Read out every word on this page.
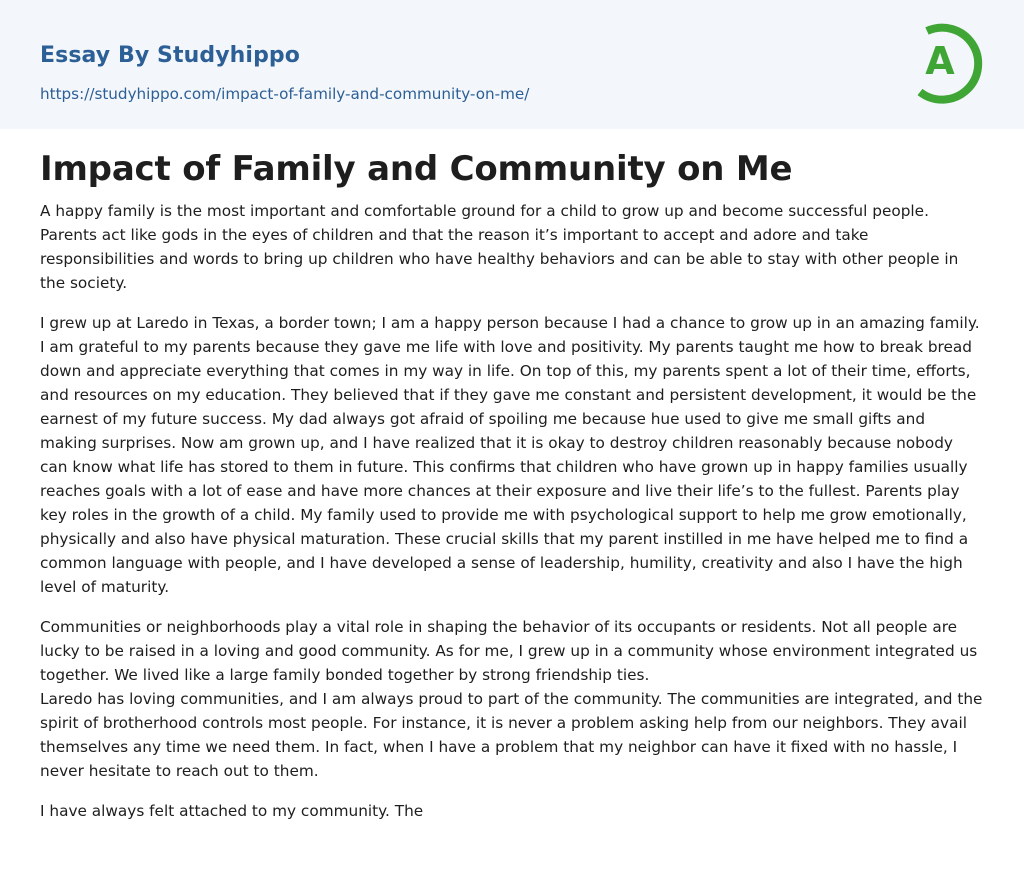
Essay By Studyhippo
https://studyhippo.com/impact-of-family-and-community-on-me/
A
Impact of Family and Community on Me

A happy family is the most important and comfortable ground for a child to grow up and become successful people. Parents act like gods in the eyes of children and that the reason it’s important to accept and adore and take responsibilities and words to bring up children who have healthy behaviors and can be able to stay with other people in the society.

I grew up at Laredo in Texas, a border town; I am a happy person because I had a chance to grow up in an amazing family. I am grateful to my parents because they gave me life with love and positivity. My parents taught me how to break bread down and appreciate everything that comes in my way in life. On top of this, my parents spent a lot of their time, efforts, and resources on my education. They believed that if they gave me constant and persistent development, it would be the earnest of my future success. My dad always got afraid of spoiling me because hue used to give me small gifts and making surprises. Now am grown up, and I have realized that it is okay to destroy children reasonably because nobody can know what life has stored to them in future. This confirms that children who have grown up in happy families usually reaches goals with a lot of ease and have more chances at their exposure and live their life’s to the fullest. Parents play key roles in the growth of a child. My family used to provide me with psychological support to help me grow emotionally, physically and also have physical maturation. These crucial skills that my parent instilled in me have helped me to find a common language with people, and I have developed a sense of leadership, humility, creativity and also I have the high level of maturity.

Communities or neighborhoods play a vital role in shaping the behavior of its occupants or residents. Not all people are lucky to be raised in a loving and good community. As for me, I grew up in a community whose environment integrated us together. We lived like a large family bonded together by strong friendship ties.
Laredo has loving communities, and I am always proud to part of the community. The communities are integrated, and the spirit of brotherhood controls most people. For instance, it is never a problem asking help from our neighbors. They avail themselves any time we need them. In fact, when I have a problem that my neighbor can have it fixed with no hassle, I never hesitate to reach out to them.

I have always felt attached to my community. The
